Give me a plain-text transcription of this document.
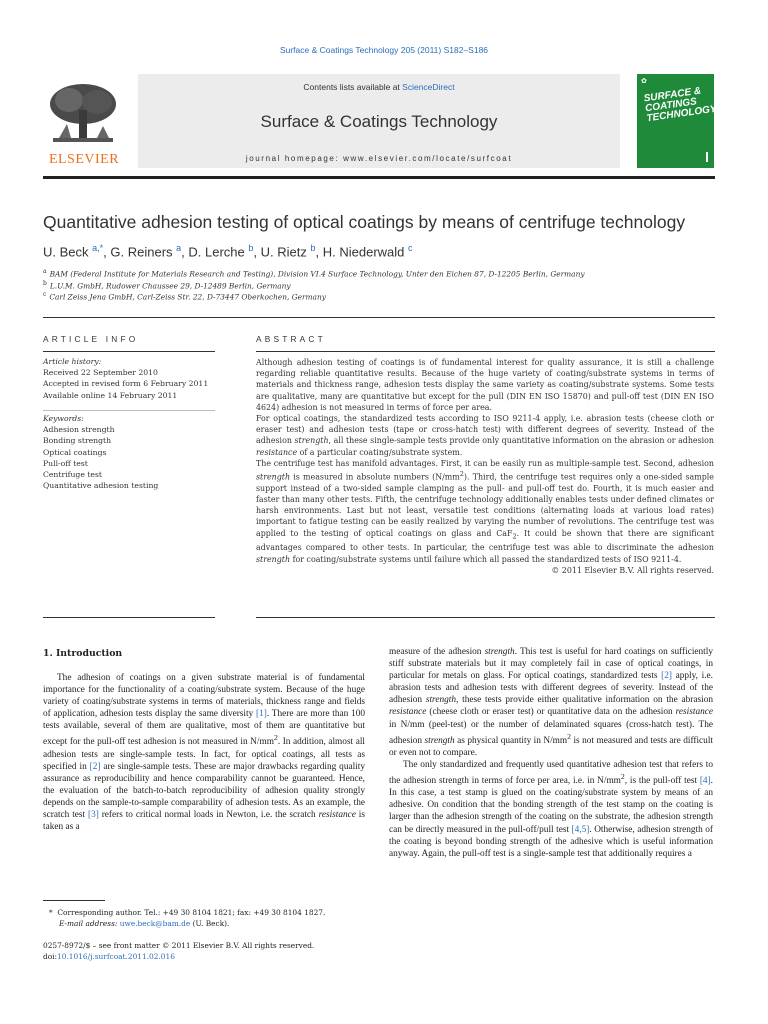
Surface & Coatings Technology 205 (2011) S182–S186
ELSEVIER
Contents lists available at ScienceDirect
Surface & Coatings Technology
journal homepage: www.elsevier.com/locate/surfcoat
✿
SURFACE & COATINGS TECHNOLOGY
Quantitative adhesion testing of optical coatings by means of centrifuge technology
U. Beck $^{a,*}$, G. Reiners $^a$, D. Lerche $^b$, U. Rietz $^b$, H. Niederwald $^c$
$^a$ BAM (Federal Institute for Materials Research and Testing), Division VI.4 Surface Technology, Unter den Eichen 87, D-12205 Berlin, Germany
$^b$ L.U.M. GmbH, Rudower Chaussee 29, D-12489 Berlin, Germany
$^c$ Carl Zeiss Jena GmbH, Carl-Zeiss Str. 22, D-73447 Oberkochen, Germany
ARTICLE INFO	ABSTRACT
Article history:
Received 22 September 2010
Accepted in revised form 6 February 2011
Available online 14 February 2011
Keywords:
Adhesion strength
Bonding strength
Optical coatings
Pull-off test
Centrifuge test
Quantitative adhesion testing

Although adhesion testing of coatings is of fundamental interest for quality assurance, it is still a challenge regarding reliable quantitative results. Because of the huge variety of coating/substrate systems in terms of materials and thickness range, adhesion tests display the same variety as coating/substrate systems. Some tests are qualitative, many are quantitative but except for the pull (DIN EN ISO 15870) and pull-off test (DIN EN ISO 4624) adhesion is not measured in terms of force per area.

For optical coatings, the standardized tests according to ISO 9211-4 apply, i.e. abrasion tests (cheese cloth or eraser test) and adhesion tests (tape or cross-hatch test) with different degrees of severity. Instead of the adhesion strength, all these single-sample tests provide only quantitative information on the abrasion or adhesion resistance of a particular coating/substrate system.

The centrifuge test has manifold advantages. First, it can be easily run as multiple-sample test. Second, adhesion strength is measured in absolute numbers $(N/mm^2)$. Third, the centrifuge test requires only a one-sided sample support instead of a two-sided sample clamping as the pull- and pull-off test do. Fourth, it is much easier and faster than many other tests. Fifth, the centrifuge technology additionally enables tests under defined climates or harsh environments. Last but not least, versatile test conditions (alternating loads at various load rates) important to fatigue testing can be easily realized by varying the number of revolutions. The centrifuge test was applied to the testing of optical coatings on glass and CaF$_2$. It could be shown that there are significant advantages compared to other tests. In particular, the centrifuge test was able to discriminate the adhesion strength for coating/substrate systems until failure which all passed the standardized tests of ISO 9211-4.

© 2011 Elsevier B.V. All rights reserved.

1. Introduction

The adhesion of coatings on a given substrate material is of fundamental importance for the functionality of a coating/substrate system. Because of the huge variety of coating/substrate systems in terms of materials, thickness range and fields of application, adhesion tests display the same diversity [1]. There are more than 100 tests available, several of them are qualitative, most of them are quantitative but except for the pull-off test adhesion is not measured in $N/mm^2$. In addition, almost all adhesion tests are single-sample tests. In fact, for optical coatings, all tests as specified in [2] are single-sample tests. These are major drawbacks regarding quality assurance as reproducibility and hence comparability cannot be guaranteed. Hence, the evaluation of the batch-to-batch reproducibility of adhesion quality strongly depends on the sample-to-sample comparability of adhesion tests. As an example, the scratch test [3] refers to critical normal loads in Newton, i.e. the scratch resistance is taken as a

measure of the adhesion strength. This test is useful for hard coatings on sufficiently stiff substrate materials but it may completely fail in case of optical coatings, in particular for metals on glass. For optical coatings, standardized tests [2] apply, i.e. abrasion tests and adhesion tests with different degrees of severity. Instead of the adhesion strength, these tests provide either qualitative information on the abrasion resistance (cheese cloth or eraser test) or quantitative data on the adhesion resistance in N/mm (peel-test) or the number of delaminated squares (cross-hatch test). The adhesion strength as physical quantity in $N/mm^2$ is not measured and tests are difficult or even not to compare.

The only standardized and frequently used quantitative adhesion test that refers to the adhesion strength in terms of force per area, i.e. in $N/mm^2$, is the pull-off test [4]. In this case, a test stamp is glued on the coating/substrate system by means of an adhesive. On condition that the bonding strength of the test stamp on the coating is larger than the adhesion strength of the coating on the substrate, the adhesion strength can be directly measured in the pull-off/pull test [4,5]. Otherwise, adhesion strength of the coating is beyond bonding strength of the adhesive which is useful information anyway. Again, the pull-off test is a single-sample test that additionally requires a

* Corresponding author. Tel.: +49 30 8104 1821; fax: +49 30 8104 1827.
E-mail address: uwe.beck@bam.de (U. Beck).
0257-8972/$ – see front matter © 2011 Elsevier B.V. All rights reserved.
doi:10.1016/j.surfcoat.2011.02.016
